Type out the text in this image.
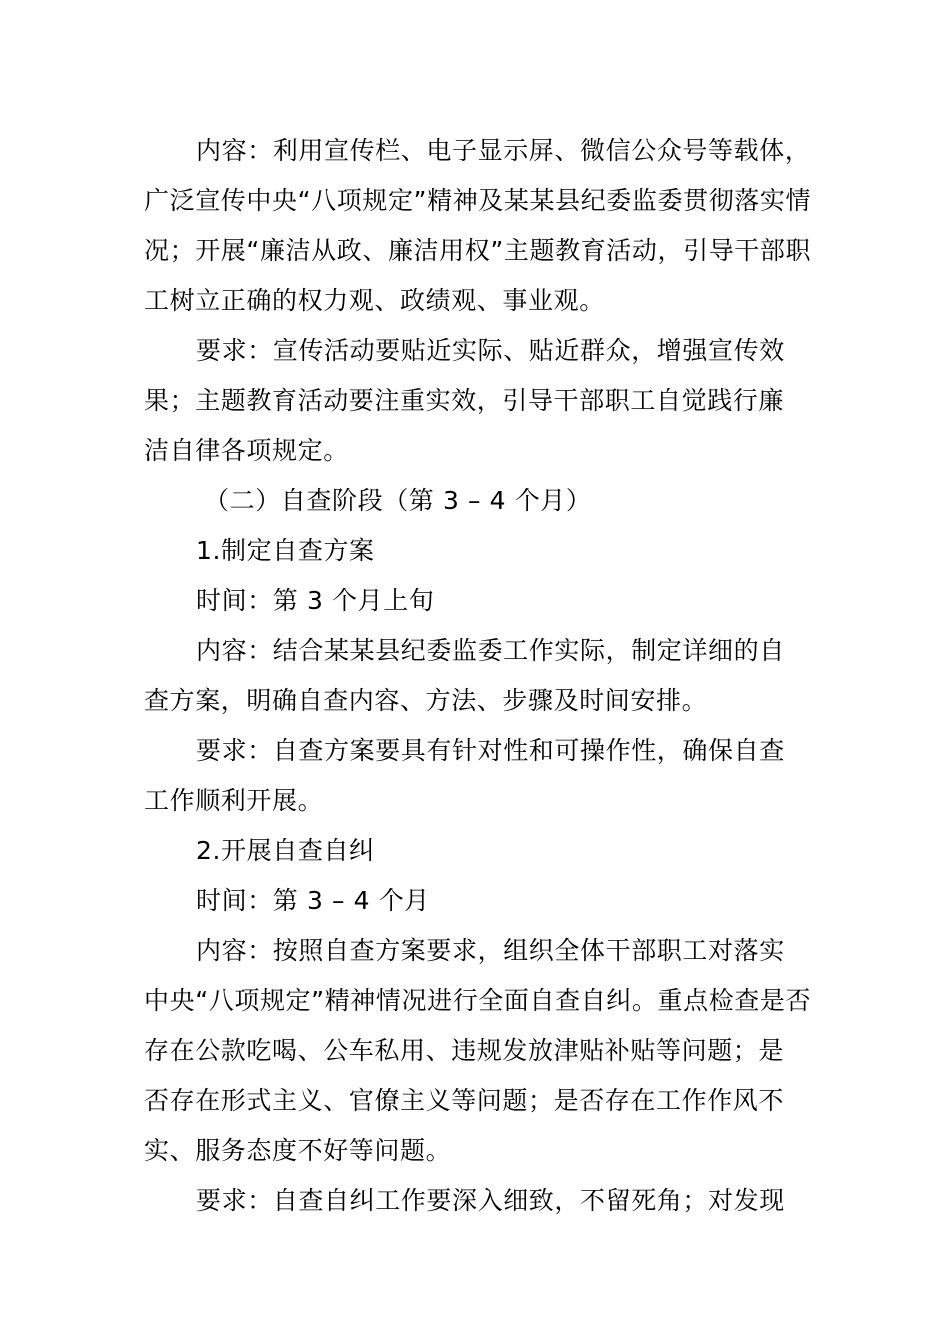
内容：利用宣传栏、电子显示屏、微信公众号等载体，
广泛宣传中央“八项规定”精神及某某县纪委监委贯彻落实情
况；开展“廉洁从政、廉洁用权”主题教育活动，引导干部职
工树立正确的权力观、政绩观、事业观。
要求：宣传活动要贴近实际、贴近群众，增强宣传效
果；主题教育活动要注重实效，引导干部职工自觉践行廉
洁自律各项规定。
（二）自查阶段（第 3 – 4 个月）
1.制定自查方案
时间：第 3 个月上旬
内容：结合某某县纪委监委工作实际，制定详细的自
查方案，明确自查内容、方法、步骤及时间安排。
要求：自查方案要具有针对性和可操作性，确保自查
工作顺利开展。
2.开展自查自纠
时间：第 3 – 4 个月
内容：按照自查方案要求，组织全体干部职工对落实
中央“八项规定”精神情况进行全面自查自纠。重点检查是否
存在公款吃喝、公车私用、违规发放津贴补贴等问题；是
否存在形式主义、官僚主义等问题；是否存在工作作风不
实、服务态度不好等问题。
要求：自查自纠工作要深入细致，不留死角；对发现
